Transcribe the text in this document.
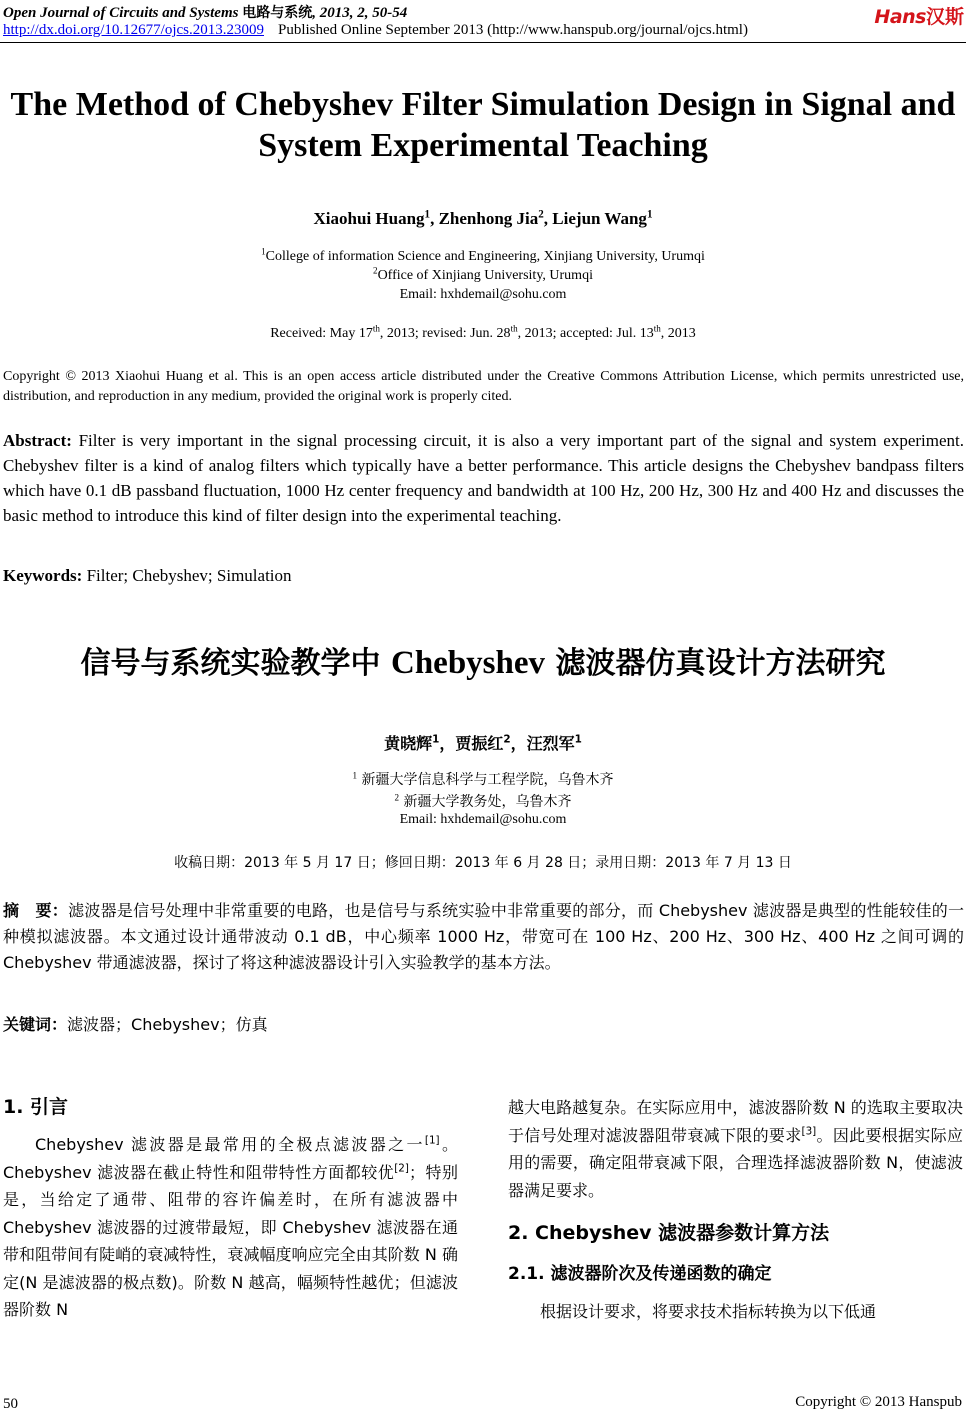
Open Journal of Circuits and Systems 电路与系统, 2013, 2, 50-54
http://dx.doi.org/10.12677/ojcs.2013.23009 Published Online September 2013 (http://www.hanspub.org/journal/ojcs.html)
Hans汉斯
The Method of Chebyshev Filter Simulation Design in Signal and System Experimental Teaching
Xiaohui Huang$^1$, Zhenhong Jia$^2$, Liejun Wang$^1$
$^1$College of information Science and Engineering, Xinjiang University, Urumqi
$^2$Office of Xinjiang University, Urumqi
Email: hxhdemail@sohu.com
Received: May 17th, 2013; revised: Jun. 28th, 2013; accepted: Jul. 13th, 2013
Copyright © 2013 Xiaohui Huang et al. This is an open access article distributed under the Creative Commons Attribution License, which permits unrestricted use, distribution, and reproduction in any medium, provided the original work is properly cited.
Abstract: Filter is very important in the signal processing circuit, it is also a very important part of the signal and system experiment. Chebyshev filter is a kind of analog filters which typically have a better performance. This article designs the Chebyshev bandpass filters which have 0.1 dB passband fluctuation, 1000 Hz center frequency and bandwidth at 100 Hz, 200 Hz, 300 Hz and 400 Hz and discusses the basic method to introduce this kind of filter design into the experimental teaching.
Keywords: Filter; Chebyshev; Simulation
信号与系统实验教学中 Chebyshev 滤波器仿真设计方法研究
黄晓辉$^1$，贾振红$^2$，汪烈军$^1$
$^1$ 新疆大学信息科学与工程学院，乌鲁木齐
$^2$ 新疆大学教务处，乌鲁木齐
Email: hxhdemail@sohu.com
收稿日期：2013 年 5 月 17 日；修回日期：2013 年 6 月 28 日；录用日期：2013 年 7 月 13 日
摘　要：滤波器是信号处理中非常重要的电路，也是信号与系统实验中非常重要的部分，而 Chebyshev 滤波器是典型的性能较佳的一种模拟滤波器。本文通过设计通带波动 0.1 dB，中心频率 1000 Hz，带宽可在 100 Hz、200 Hz、300 Hz、400 Hz 之间可调的 Chebyshev 带通滤波器，探讨了将这种滤波器设计引入实验教学的基本方法。
关键词：滤波器；Chebyshev；仿真
1. 引言

Chebyshev 滤波器是最常用的全极点滤波器之一[1]。Chebyshev 滤波器在截止特性和阻带特性方面都较优[2]；特别是，当给定了通带、阻带的容许偏差时，在所有滤波器中 Chebyshev 滤波器的过渡带最短，即 Chebyshev 滤波器在通带和阻带间有陡峭的衰减特性，衰减幅度响应完全由其阶数 N 确定(N 是滤波器的极点数)。阶数 N 越高，幅频特性越优；但滤波器阶数 N

越大电路越复杂。在实际应用中，滤波器阶数 N 的选取主要取决于信号处理对滤波器阻带衰减下限的要求[3]。因此要根据实际应用的需要，确定阻带衰减下限，合理选择滤波器阶数 N，使滤波器满足要求。

2. Chebyshev 滤波器参数计算方法
2.1. 滤波器阶次及传递函数的确定

根据设计要求，将要求技术指标转换为以下低通

50	Copyright © 2013 Hanspub
